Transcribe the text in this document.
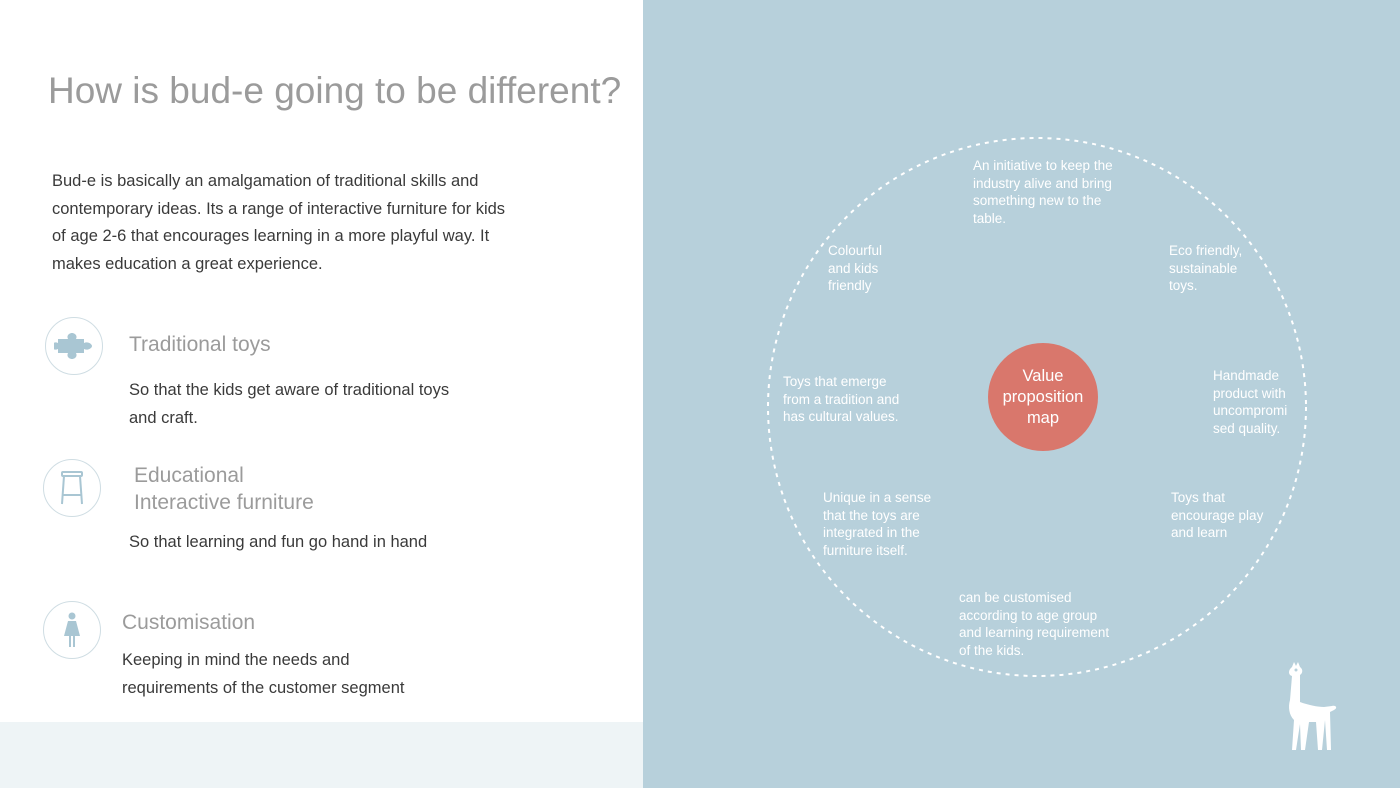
How is bud-e going to be different?

Bud-e is basically an amalgamation of traditional skills and contemporary ideas. Its a range of interactive furniture for kids of age 2-6 that encourages learning in a more playful way. It makes education a great experience.

Traditional toys

So that the kids get aware of traditional toys and craft.

Educational

Interactive furniture

So that learning and fun go hand in hand

Customisation

Keeping in mind the needs and requirements of the customer segment

An initiative to keep the industry alive and bring something new to the table.

Eco friendly, sustainable toys.

Handmade product with uncompromi sed quality.

Toys that encourage play and learn

can be customised according to age group and learning requirement of the kids.

Unique in a sense that the toys are integrated in the furniture itself.

Toys that emerge from a tradition and has cultural values.

Colourful and kids friendly

Value proposition map
